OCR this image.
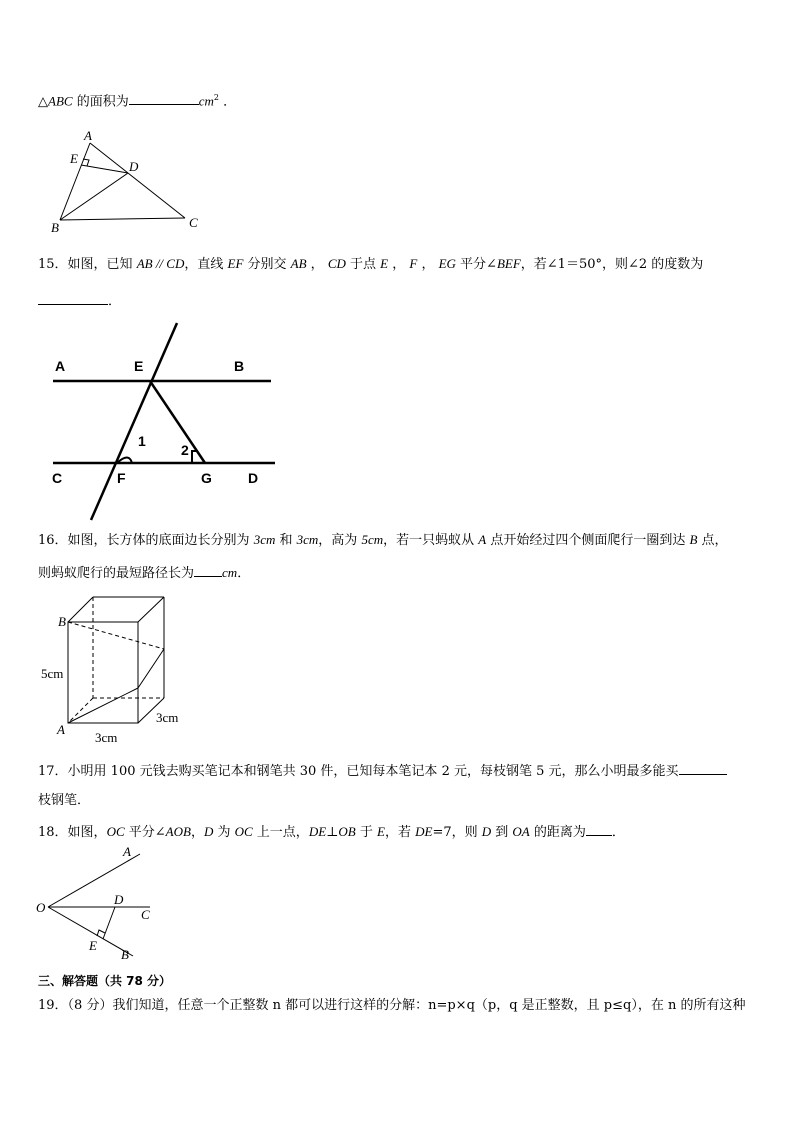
△ABC 的面积为	$cm^2$ ．
A
E
D
B	C
15．如图，已知 AB // CD，直线 EF 分别交 AB ， CD 于点 E ， F ， EG 平分∠BEF，若∠1＝50°，则∠2 的度数为
．
A	E	B
C	F	G	D
1
2
16．如图，长方体的底面边长分别为 3cm 和 3cm，高为 5cm，若一只蚂蚁从 A 点开始经过四个侧面爬行一圈到达 B 点，
则蚂蚁爬行的最短路径长为 cm．
B
A
5cm
3cm
3cm
17．小明用 100 元钱去购买笔记本和钢笔共 30 件，已知每本笔记本 2 元，每枝钢笔 5 元，那么小明最多能买
枝钢笔．
18．如图，OC 平分∠AOB，D 为 OC 上一点，DE⊥OB 于 E，若 DE=7，则 D 到 OA 的距离为 ．
A
O
D
C
E
B
三、解答题（共 78 分）
19．（8 分）我们知道，任意一个正整数 n 都可以进行这样的分解：n=p×q（p，q 是正整数，且 p≤q），在 n 的所有这种
